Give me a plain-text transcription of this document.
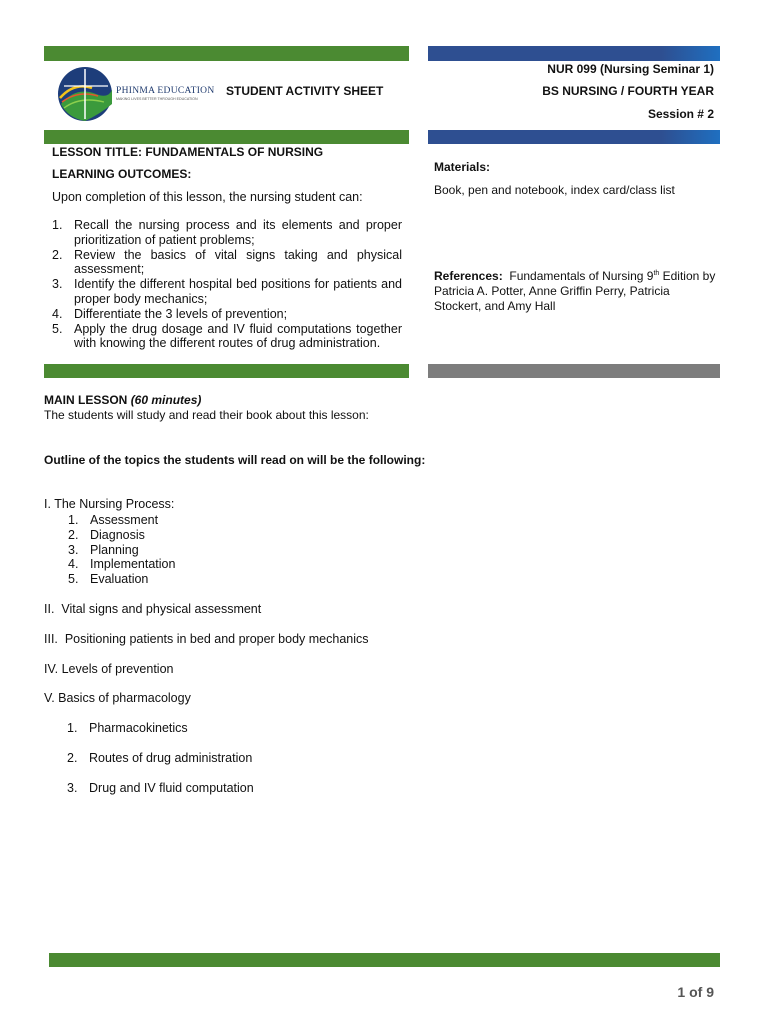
PHINMA EDUCATION
MAKING LIVES BETTER THROUGH EDUCATION
STUDENT ACTIVITY SHEET
NUR 099 (Nursing Seminar 1)
BS NURSING / FOURTH YEAR
Session # 2
LESSON TITLE: FUNDAMENTALS OF NURSING
LEARNING OUTCOMES:
Upon completion of this lesson, the nursing student can:
1. Recall the nursing process and its elements and proper prioritization of patient problems;
2. Review the basics of vital signs taking and physical assessment;
3. Identify the different hospital bed positions for patients and proper body mechanics;
4. Differentiate the 3 levels of prevention;
5. Apply the drug dosage and IV fluid computations together with knowing the different routes of drug administration.
Materials:
Book, pen and notebook, index card/class list
References: Fundamentals of Nursing 9th Edition by Patricia A. Potter, Anne Griffin Perry, Patricia Stockert, and Amy Hall
MAIN LESSON (60 minutes)
The students will study and read their book about this lesson:
Outline of the topics the students will read on will be the following:
I. The Nursing Process:
1. Assessment
2. Diagnosis
3. Planning
4. Implementation
5. Evaluation
II.  Vital signs and physical assessment
III.  Positioning patients in bed and proper body mechanics
IV. Levels of prevention
V. Basics of pharmacology
1. Pharmacokinetics
2. Routes of drug administration
3. Drug and IV fluid computation
1 of 9
